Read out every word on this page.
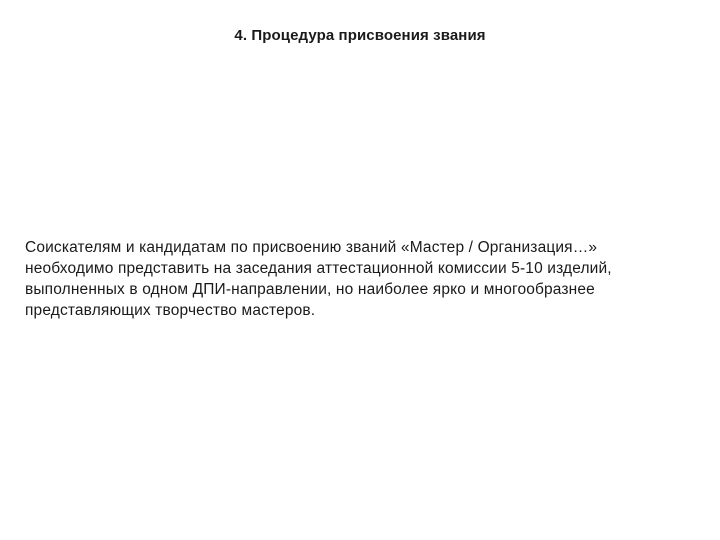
4. Процедура присвоения звания
Соискателям и кандидатам по присвоению званий «Мастер / Организация…»
необходимо представить на заседания аттестационной комиссии 5-10 изделий,
выполненных в одном ДПИ-направлении, но наиболее ярко и многообразнее
представляющих творчество мастеров.
